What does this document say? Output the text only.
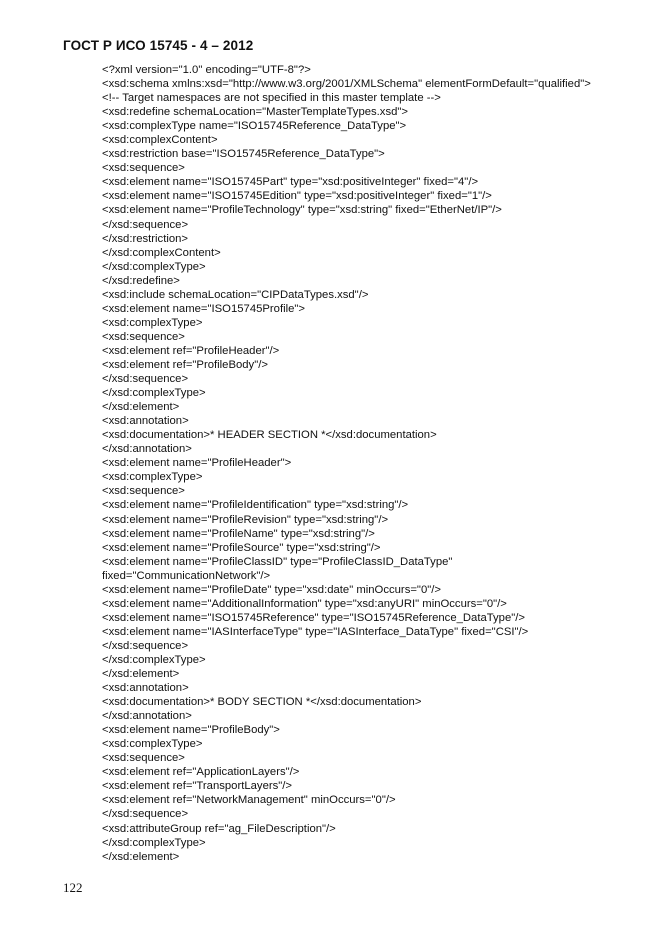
ГОСТ Р ИСО 15745 - 4 – 2012
<?xml version="1.0" encoding="UTF-8"?>
<xsd:schema xmlns:xsd="http://www.w3.org/2001/XMLSchema" elementFormDefault="qualified">
<!-- Target namespaces are not specified in this master template -->
<xsd:redefine schemaLocation="MasterTemplateTypes.xsd">
<xsd:complexType name="ISO15745Reference_DataType">
<xsd:complexContent>
<xsd:restriction base="ISO15745Reference_DataType">
<xsd:sequence>
<xsd:element name="ISO15745Part" type="xsd:positiveInteger" fixed="4"/>
<xsd:element name="ISO15745Edition" type="xsd:positiveInteger" fixed="1"/>
<xsd:element name="ProfileTechnology" type="xsd:string" fixed="EtherNet/IP"/>
</xsd:sequence>
</xsd:restriction>
</xsd:complexContent>
</xsd:complexType>
</xsd:redefine>
<xsd:include schemaLocation="CIPDataTypes.xsd"/>
<xsd:element name="ISO15745Profile">
<xsd:complexType>
<xsd:sequence>
<xsd:element ref="ProfileHeader"/>
<xsd:element ref="ProfileBody"/>
</xsd:sequence>
</xsd:complexType>
</xsd:element>
<xsd:annotation>
<xsd:documentation>* HEADER SECTION *</xsd:documentation>
</xsd:annotation>
<xsd:element name="ProfileHeader">
<xsd:complexType>
<xsd:sequence>
<xsd:element name="ProfileIdentification" type="xsd:string"/>
<xsd:element name="ProfileRevision" type="xsd:string"/>
<xsd:element name="ProfileName" type="xsd:string"/>
<xsd:element name="ProfileSource" type="xsd:string"/>
<xsd:element name="ProfileClassID" type="ProfileClassID_DataType"
fixed="CommunicationNetwork"/>
<xsd:element name="ProfileDate" type="xsd:date" minOccurs="0"/>
<xsd:element name="AdditionalInformation" type="xsd:anyURI" minOccurs="0"/>
<xsd:element name="ISO15745Reference" type="ISO15745Reference_DataType"/>
<xsd:element name="IASInterfaceType" type="IASInterface_DataType" fixed="CSI"/>
</xsd:sequence>
</xsd:complexType>
</xsd:element>
<xsd:annotation>
<xsd:documentation>* BODY SECTION *</xsd:documentation>
</xsd:annotation>
<xsd:element name="ProfileBody">
<xsd:complexType>
<xsd:sequence>
<xsd:element ref="ApplicationLayers"/>
<xsd:element ref="TransportLayers"/>
<xsd:element ref="NetworkManagement" minOccurs="0"/>
</xsd:sequence>
<xsd:attributeGroup ref="ag_FileDescription"/>
</xsd:complexType>
</xsd:element>
122
